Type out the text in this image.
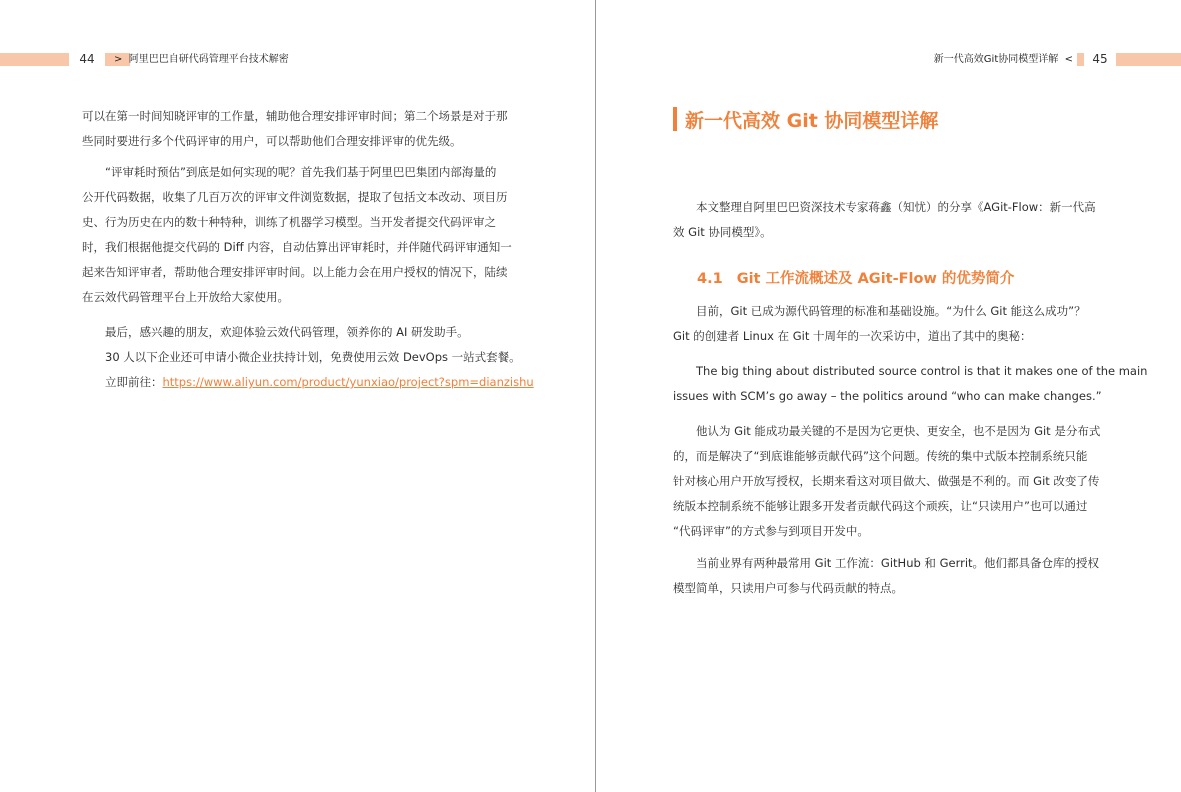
44	> 阿里巴巴自研代码管理平台技术解密

可以在第一时间知晓评审的工作量，辅助他合理安排评审时间；第二个场景是对于那
些同时要进行多个代码评审的用户，可以帮助他们合理安排评审的优先级。

“评审耗时预估”到底是如何实现的呢？首先我们基于阿里巴巴集团内部海量的
公开代码数据，收集了几百万次的评审文件浏览数据，提取了包括文本改动、项目历
史、行为历史在内的数十种特种，训练了机器学习模型。当开发者提交代码评审之
时，我们根据他提交代码的 Diff 内容，自动估算出评审耗时，并伴随代码评审通知一
起来告知评审者，帮助他合理安排评审时间。以上能力会在用户授权的情况下，陆续
在云效代码管理平台上开放给大家使用。

最后，感兴趣的朋友，欢迎体验云效代码管理，领养你的 AI 研发助手。
30 人以下企业还可申请小微企业扶持计划，免费使用云效 DevOps 一站式套餐。
立即前往：https://www.aliyun.com/product/yunxiao/project?spm=dianzishu

45
新一代高效Git协同模型详解 <
新一代高效 Git 协同模型详解

本文整理自阿里巴巴资深技术专家蒋鑫（知忧）的分享《AGit-Flow：新一代高
效 Git 协同模型》。

4.1 Git 工作流概述及 AGit-Flow 的优势简介

目前，Git 已成为源代码管理的标准和基础设施。“为什么 Git 能这么成功”？
Git 的创建者 Linux 在 Git 十周年的一次采访中，道出了其中的奥秘：

The big thing about distributed source control is that it makes one of the main
issues with SCM’s go away – the politics around “who can make changes.”

他认为 Git 能成功最关键的不是因为它更快、更安全，也不是因为 Git 是分布式
的，而是解决了“到底谁能够贡献代码”这个问题。传统的集中式版本控制系统只能
针对核心用户开放写授权，长期来看这对项目做大、做强是不利的。而 Git 改变了传
统版本控制系统不能够让跟多开发者贡献代码这个顽疾，让“只读用户”也可以通过
“代码评审”的方式参与到项目开发中。

当前业界有两种最常用 Git 工作流：GitHub 和 Gerrit。他们都具备仓库的授权
模型简单，只读用户可参与代码贡献的特点。
